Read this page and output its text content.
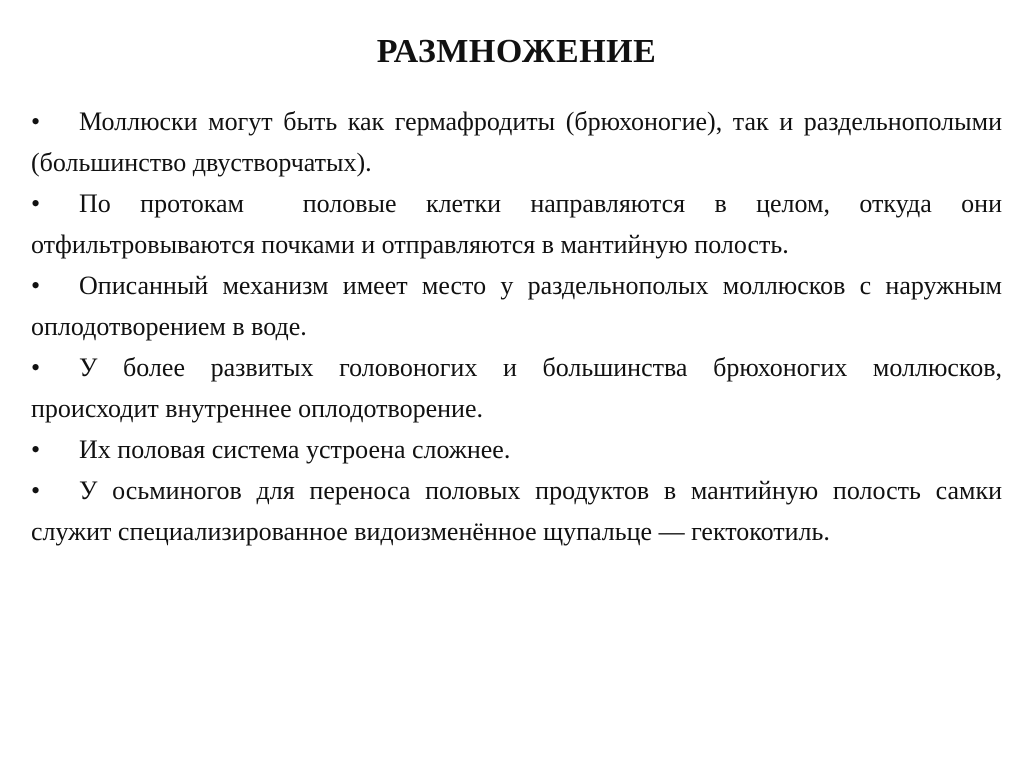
РАЗМНОЖЕНИЕ
• Моллюски могут быть как гермафродиты (брюхоногие), так и раздельнополыми (большинство двустворчатых).
• По протокам  половые клетки направляются в целом, откуда они отфильтровываются почками и отправляются в мантийную полость.
• Описанный механизм имеет место у раздельнополых моллюсков с наружным оплодотворением в воде.
• У более развитых головоногих и большинства брюхоногих моллюсков, происходит внутреннее оплодотворение.
• Их половая система устроена сложнее.
• У осьминогов для переноса половых продуктов в мантийную полость самки служит специализированное видоизменённое щупальце — гектокотиль.
